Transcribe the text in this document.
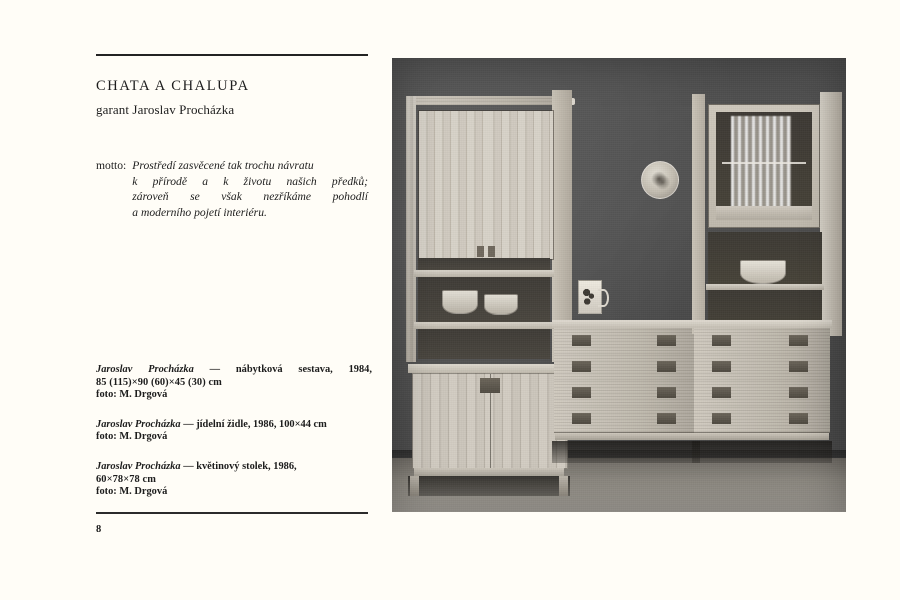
CHATA A CHALUPA

garant Jaroslav Procházka

motto: Prostředí zasvěcené tak trochu návratu
k přírodě a k životu našich předků;
zároveň se však nezříkáme pohodlí
a moderního pojetí interiéru.
Jaroslav Procházka — nábytková sestava, 1984,
85 (115)×90 (60)×45 (30) cm
foto: M. Drgová
Jaroslav Procházka — jídelní židle, 1986, 100×44 cm
foto: M. Drgová
Jaroslav Procházka — květinový stolek, 1986,
60×78×78 cm
foto: M. Drgová
8
